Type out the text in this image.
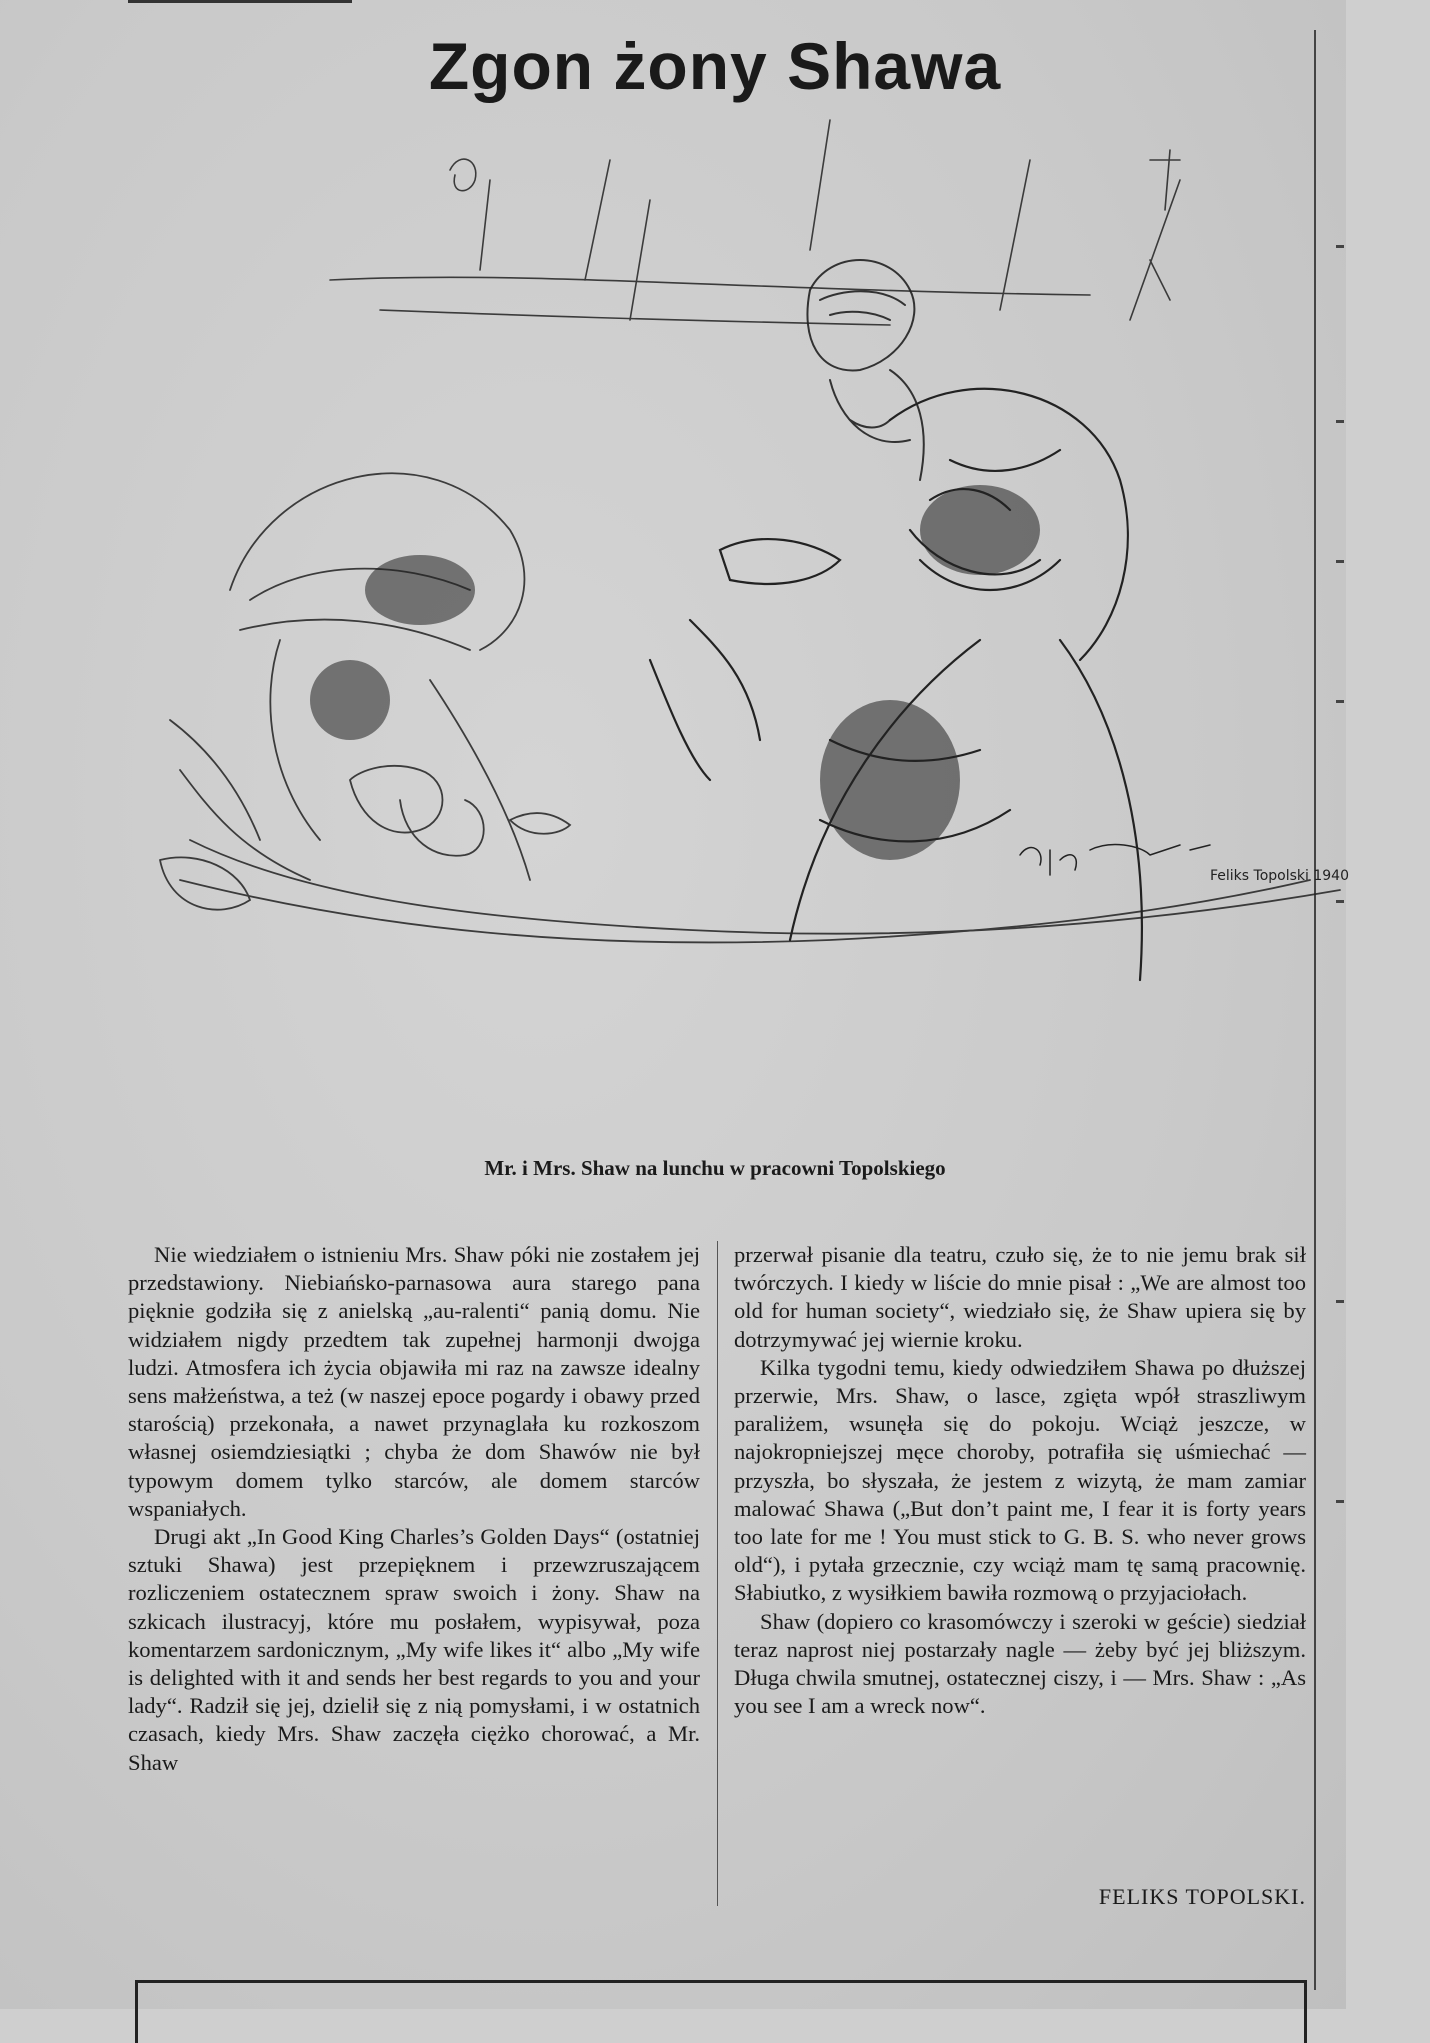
Zgon żony Shawa
Feliks Topolski 1940
Mr. i Mrs. Shaw na lunchu w pracowni Topolskiego

Nie wiedziałem o istnieniu Mrs. Shaw póki nie zostałem jej przedstawiony. Niebiańsko-parnasowa aura starego pana pięknie godziła się z anielską „au-ralenti“ panią domu. Nie widziałem nigdy przedtem tak zupełnej harmonji dwojga ludzi. Atmosfera ich życia objawiła mi raz na zawsze idealny sens małżeństwa, a też (w naszej epoce pogardy i obawy przed starością) przekonała, a nawet przynaglała ku rozkoszom własnej osiemdziesiątki ; chyba że dom Shawów nie był typowym domem tylko starców, ale domem starców wspaniałych.

Drugi akt „In Good King Charles’s Golden Days“ (ostatniej sztuki Shawa) jest przepięknem i przewzruszającem rozliczeniem ostatecznem spraw swoich i żony. Shaw na szkicach ilustracyj, które mu posłałem, wypisywał, poza komentarzem sardonicznym, „My wife likes it“ albo „My wife is delighted with it and sends her best regards to you and your lady“. Radził się jej, dzielił się z nią pomysłami, i w ostatnich czasach, kiedy Mrs. Shaw zaczęła ciężko chorować, a Mr. Shaw

przerwał pisanie dla teatru, czuło się, że to nie jemu brak sił twórczych. I kiedy w liście do mnie pisał : „We are almost too old for human society“, wiedziało się, że Shaw upiera się by dotrzymywać jej wiernie kroku.

Kilka tygodni temu, kiedy odwiedziłem Shawa po dłuższej przerwie, Mrs. Shaw, o lasce, zgięta wpół straszliwym paraliżem, wsunęła się do pokoju. Wciąż jeszcze, w najokropniejszej męce choroby, potrafiła się uśmiechać — przyszła, bo słyszała, że jestem z wizytą, że mam zamiar malować Shawa („But don’t paint me, I fear it is forty years too late for me ! You must stick to G. B. S. who never grows old“), i pytała grzecznie, czy wciąż mam tę samą pracownię. Słabiutko, z wysiłkiem bawiła rozmową o przyjaciołach.

Shaw (dopiero co krasomówczy i szeroki w geście) siedział teraz naprost niej postarzały nagle — żeby być jej bliższym. Długa chwila smutnej, ostatecznej ciszy, i — Mrs. Shaw : „As you see I am a wreck now“.

FELIKS TOPOLSKI.
